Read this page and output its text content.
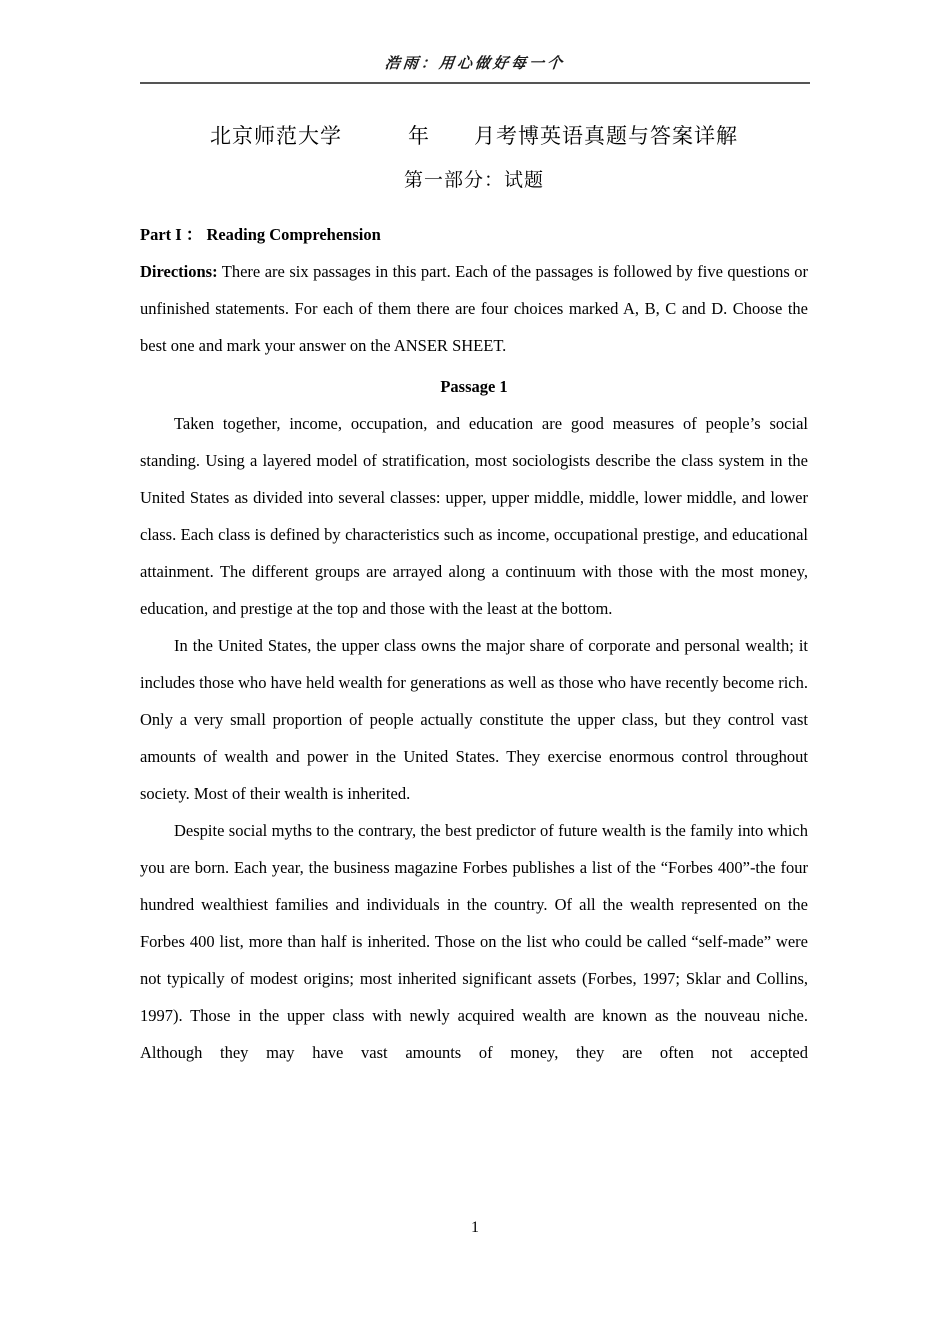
浩雨：用心做好每一个
北京师范大学　　　年　　月考博英语真题与答案详解
第一部分：试题
Part I ： Reading Comprehension

Directions: There are six passages in this part. Each of the passages is followed by five questions or unfinished statements. For each of them there are four choices marked A, B, C and D. Choose the best one and mark your answer on the ANSER SHEET.

Passage 1

Taken together, income, occupation, and education are good measures of people’s social standing. Using a layered model of stratification, most sociologists describe the class system in the United States as divided into several classes: upper, upper middle, middle, lower middle, and lower class. Each class is defined by characteristics such as income, occupational prestige, and educational attainment. The different groups are arrayed along a continuum with those with the most money, education, and prestige at the top and those with the least at the bottom.

In the United States, the upper class owns the major share of corporate and personal wealth; it includes those who have held wealth for generations as well as those who have recently become rich. Only a very small proportion of people actually constitute the upper class, but they control vast amounts of wealth and power in the United States. They exercise enormous control throughout society. Most of their wealth is inherited.

Despite social myths to the contrary, the best predictor of future wealth is the family into which you are born. Each year, the business magazine Forbes publishes a list of the “Forbes 400”-the four hundred wealthiest families and individuals in the country. Of all the wealth represented on the Forbes 400 list, more than half is inherited. Those on the list who could be called “self-made” were not typically of modest origins; most inherited significant assets (Forbes, 1997; Sklar and Collins, 1997). Those in the upper class with newly acquired wealth are known as the nouveau niche. Although they may have vast amounts of money, they are often not accepted

1
